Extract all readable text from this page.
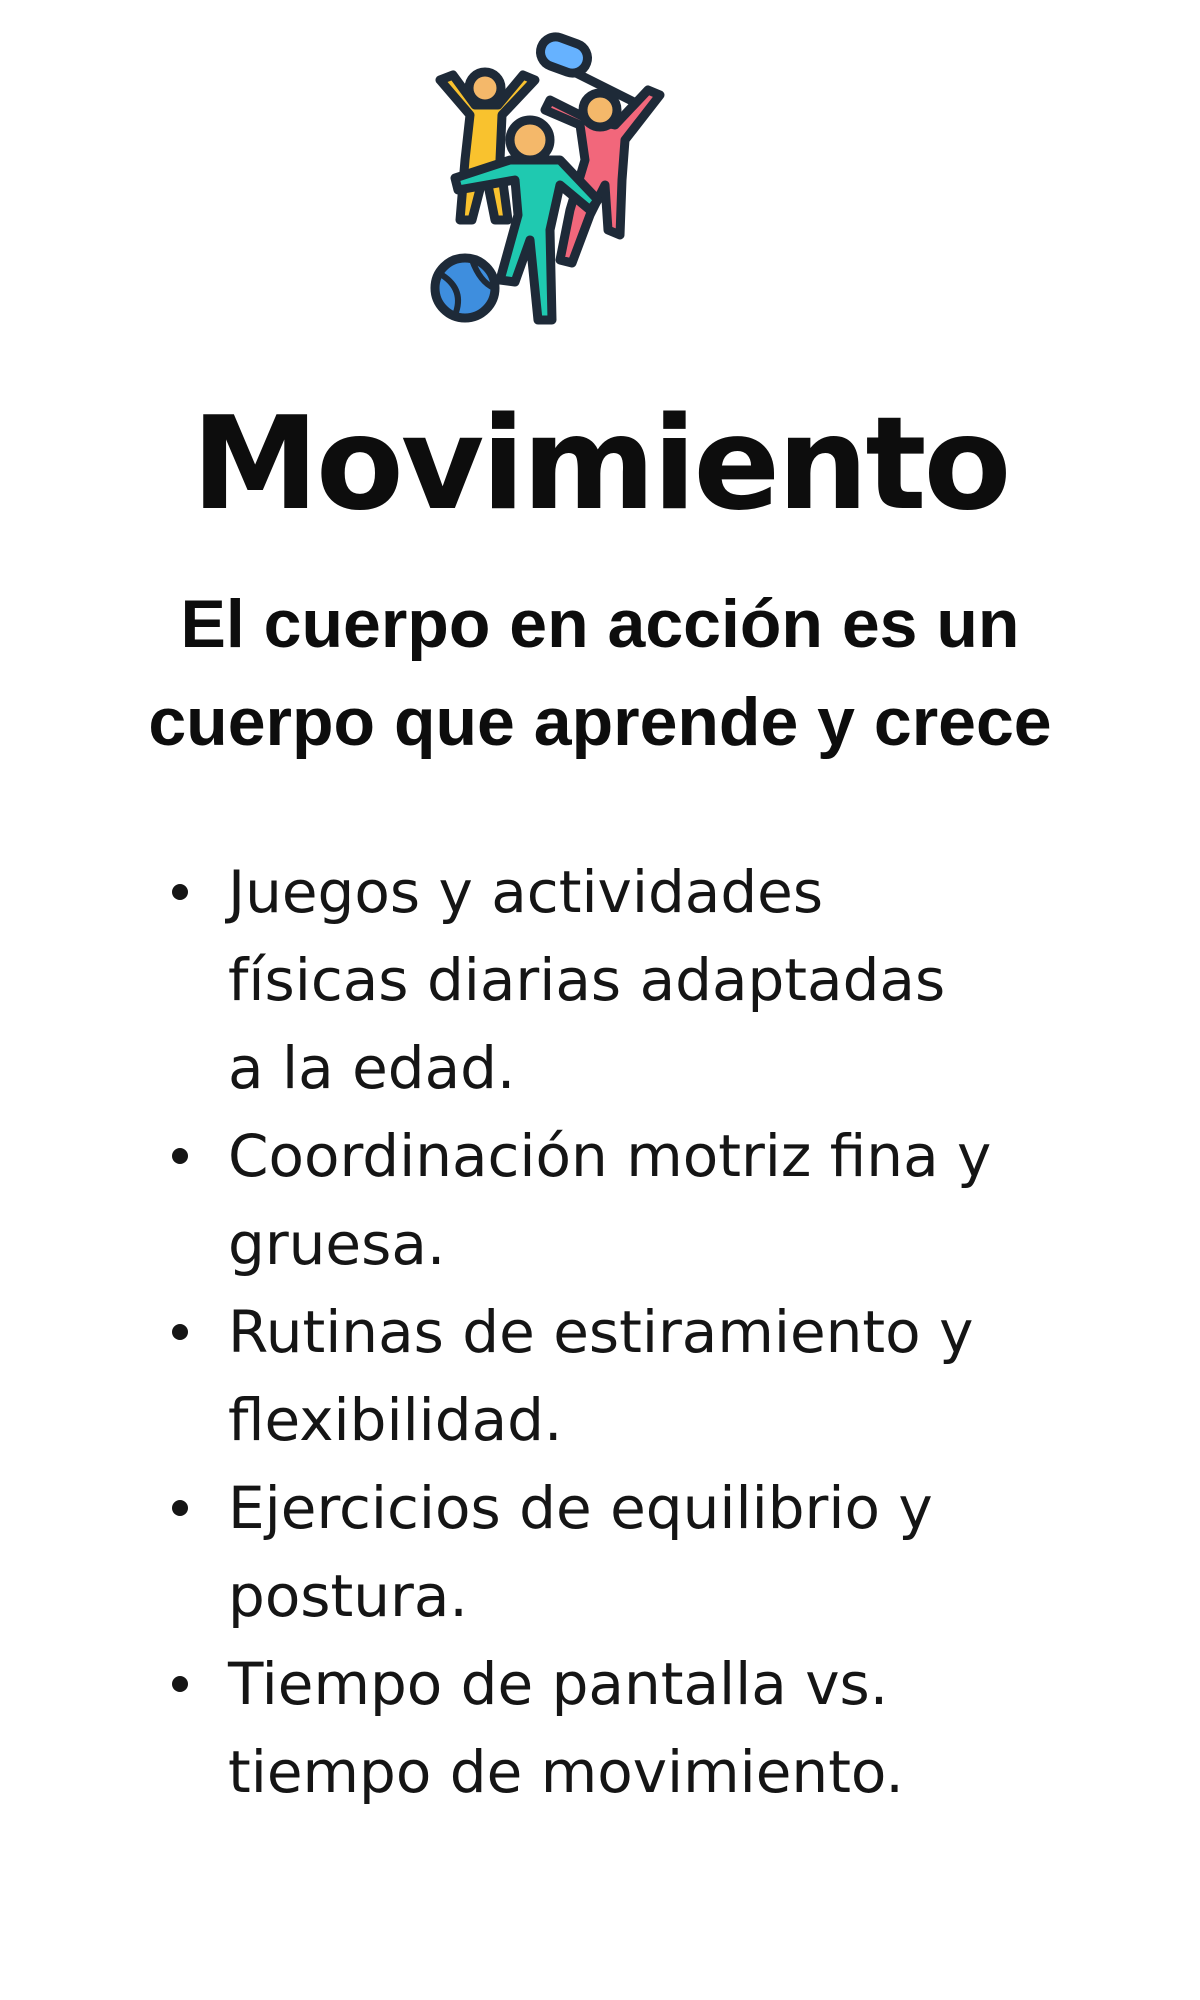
Movimiento
El cuerpo en acción es un
cuerpo que aprende y crece
Juegos y actividades
físicas diarias adaptadas
a la edad.
Coordinación motriz fina y
gruesa.
Rutinas de estiramiento y
flexibilidad.
Ejercicios de equilibrio y
postura.
Tiempo de pantalla vs.
tiempo de movimiento.
